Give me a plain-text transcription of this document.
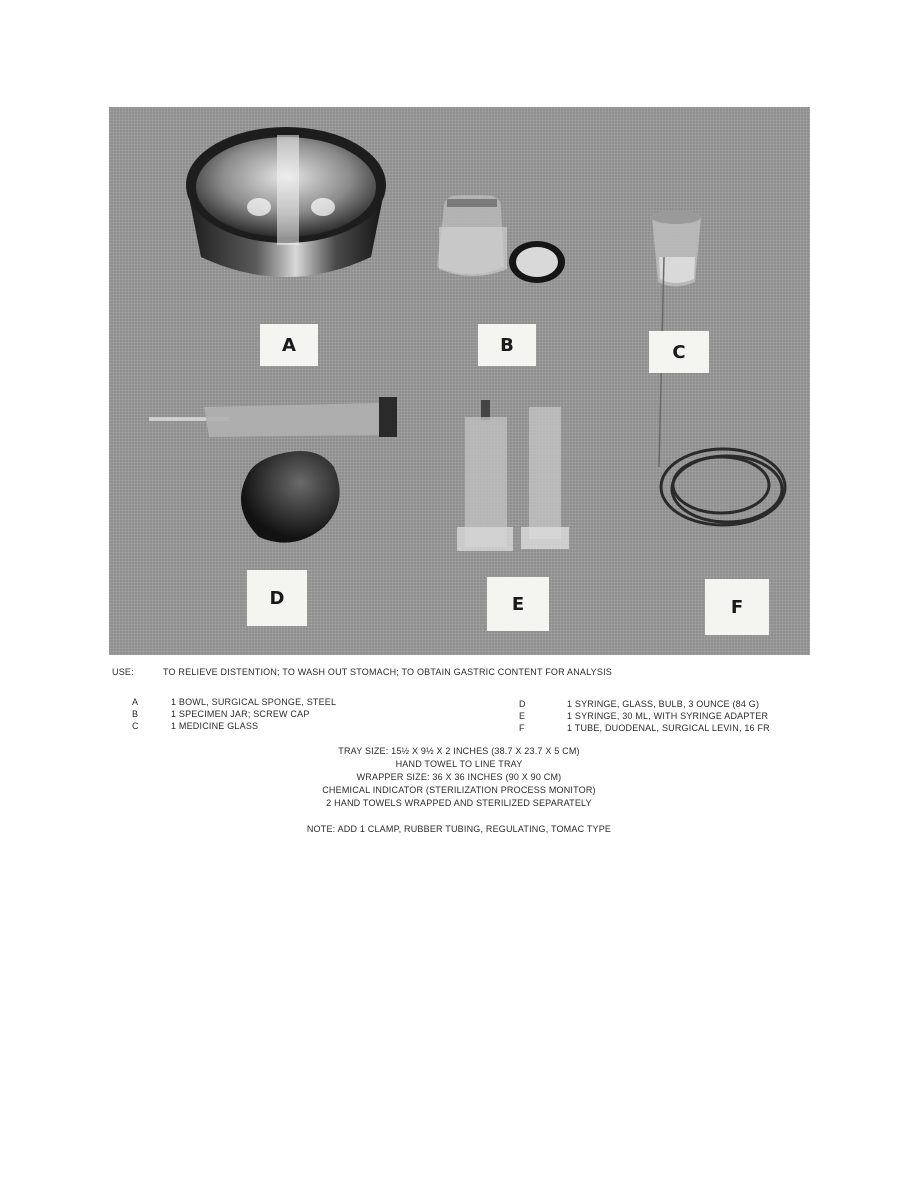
A	B	C
D	E	F
USE:	TO RELIEVE DISTENTION; TO WASH OUT STOMACH; TO OBTAIN GASTRIC CONTENT FOR ANALYSIS
A	1 BOWL, SURGICAL SPONGE, STEEL
B	1 SPECIMEN JAR; SCREW CAP
C	1 MEDICINE GLASS
D	1 SYRINGE, GLASS, BULB, 3 OUNCE (84 G)
E	1 SYRINGE, 30 ML, WITH SYRINGE ADAPTER
F	1 TUBE, DUODENAL, SURGICAL LEVIN, 16 FR
TRAY SIZE: 15½ X 9½ X 2 INCHES (38.7 X 23.7 X 5 CM)
HAND TOWEL TO LINE TRAY
WRAPPER SIZE: 36 X 36 INCHES (90 X 90 CM)
CHEMICAL INDICATOR (STERILIZATION PROCESS MONITOR)
2 HAND TOWELS WRAPPED AND STERILIZED SEPARATELY
NOTE: ADD 1 CLAMP, RUBBER TUBING, REGULATING, TOMAC TYPE
